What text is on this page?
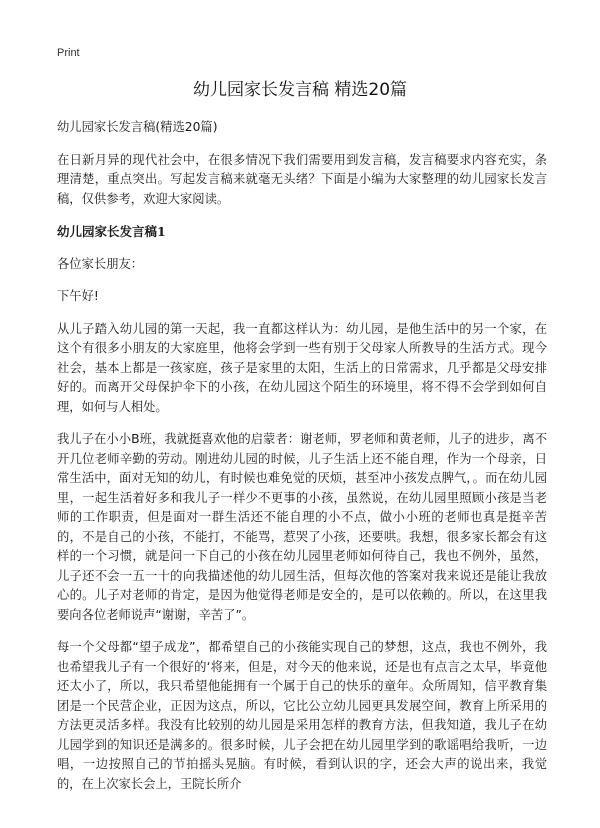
Print
幼儿园家长发言稿 精选20篇

幼儿园家长发言稿(精选20篇)

在日新月异的现代社会中，在很多情况下我们需要用到发言稿，发言稿要求内容充实，条理清楚，重点突出。写起发言稿来就毫无头绪？下面是小编为大家整理的幼儿园家长发言稿，仅供参考，欢迎大家阅读。

幼儿园家长发言稿1

各位家长朋友：

下午好!

从儿子踏入幼儿园的第一天起，我一直都这样认为：幼儿园，是他生活中的另一个家，在这个有很多小朋友的大家庭里，他将会学到一些有别于父母家人所教导的生活方式。现今社会，基本上都是一孩家庭，孩子是家里的太阳，生活上的日常需求，几乎都是父母安排好的。而离开父母保护伞下的小孩，在幼儿园这个陌生的环境里，将不得不会学到如何自理，如何与人相处。

我儿子在小小B班，我就挺喜欢他的启蒙者：谢老师，罗老师和黄老师，儿子的进步，离不开几位老师辛勤的劳动。刚进幼儿园的时候，儿子生活上还不能自理，作为一个母亲，日常生活中，面对无知的幼儿，有时候也难免觉的厌烦，甚至冲小孩发点脾气，。而在幼儿园里，一起生活着好多和我儿子一样少不更事的小孩，虽然说，在幼儿园里照顾小孩是当老师的工作职责，但是面对一群生活还不能自理的小不点，做小小班的老师也真是挺辛苦的，不是自己的小孩，不能打，不能骂，惹哭了小孩，还要哄。我想，很多家长都会有这样的一个习惯，就是问一下自己的小孩在幼儿园里老师如何待自己，我也不例外，虽然，儿子还不会一五一十的向我描述他的幼儿园生活，但每次他的答案对我来说还是能让我放心的。儿子对老师的肯定，是因为他觉得老师是安全的，是可以依赖的。所以，在这里我要向各位老师说声“谢谢，辛苦了”。

每一个父母都“望子成龙”，都希望自己的小孩能实现自己的梦想，这点，我也不例外，我也希望我儿子有一个很好的‘将来，但是，对今天的他来说，还是也有点言之太早，毕竟他还太小了，所以，我只希望他能拥有一个属于自己的快乐的童年。众所周知，信平教育集团是一个民营企业，正因为这点，所以，它比公立幼儿园更具发展空间，教育上所采用的方法更灵活多样。我没有比较别的幼儿园是采用怎样的教育方法，但我知道，我儿子在幼儿园学到的知识还是满多的。很多时候，儿子会把在幼儿园里学到的歌谣唱给我听，一边唱，一边按照自己的节拍摇头晃脑。有时候，看到认识的字，还会大声的说出来，我觉的，在上次家长会上，王院长所介
